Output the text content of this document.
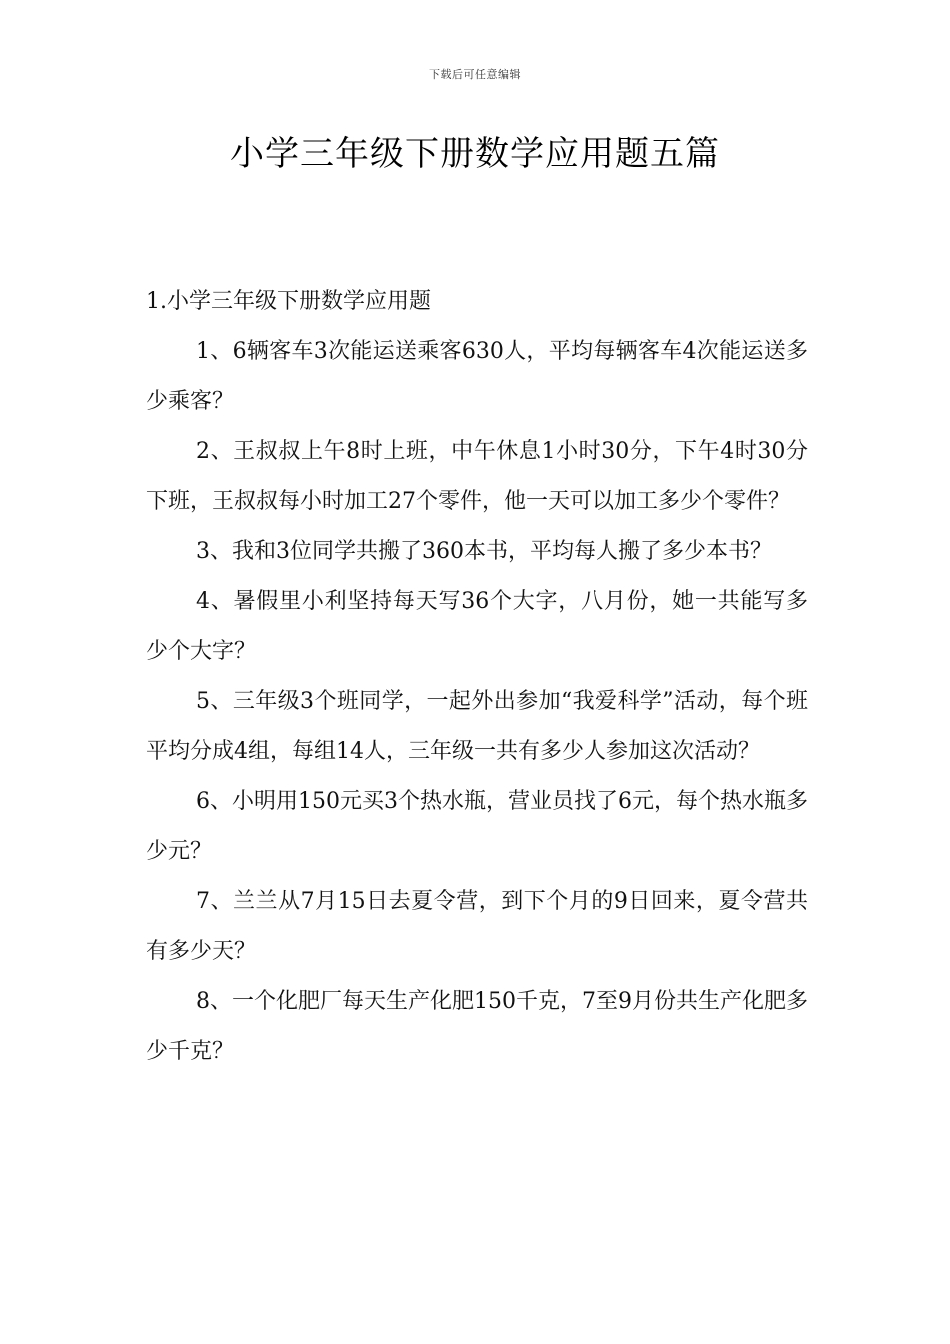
下载后可任意编辑
小学三年级下册数学应用题五篇

1.小学三年级下册数学应用题

1、6辆客车3次能运送乘客630人，平均每辆客车4次能运送多少乘客？

2、王叔叔上午8时上班，中午休息1小时30分，下午4时30分下班，王叔叔每小时加工27个零件，他一天可以加工多少个零件？

3、我和3位同学共搬了360本书，平均每人搬了多少本书？

4、暑假里小利坚持每天写36个大字，八月份，她一共能写多少个大字？

5、三年级3个班同学，一起外出参加“我爱科学”活动，每个班平均分成4组，每组14人，三年级一共有多少人参加这次活动？

6、小明用150元买3个热水瓶，营业员找了6元，每个热水瓶多少元？

7、兰兰从7月15日去夏令营，到下个月的9日回来，夏令营共有多少天？

8、一个化肥厂每天生产化肥150千克，7至9月份共生产化肥多少千克？
